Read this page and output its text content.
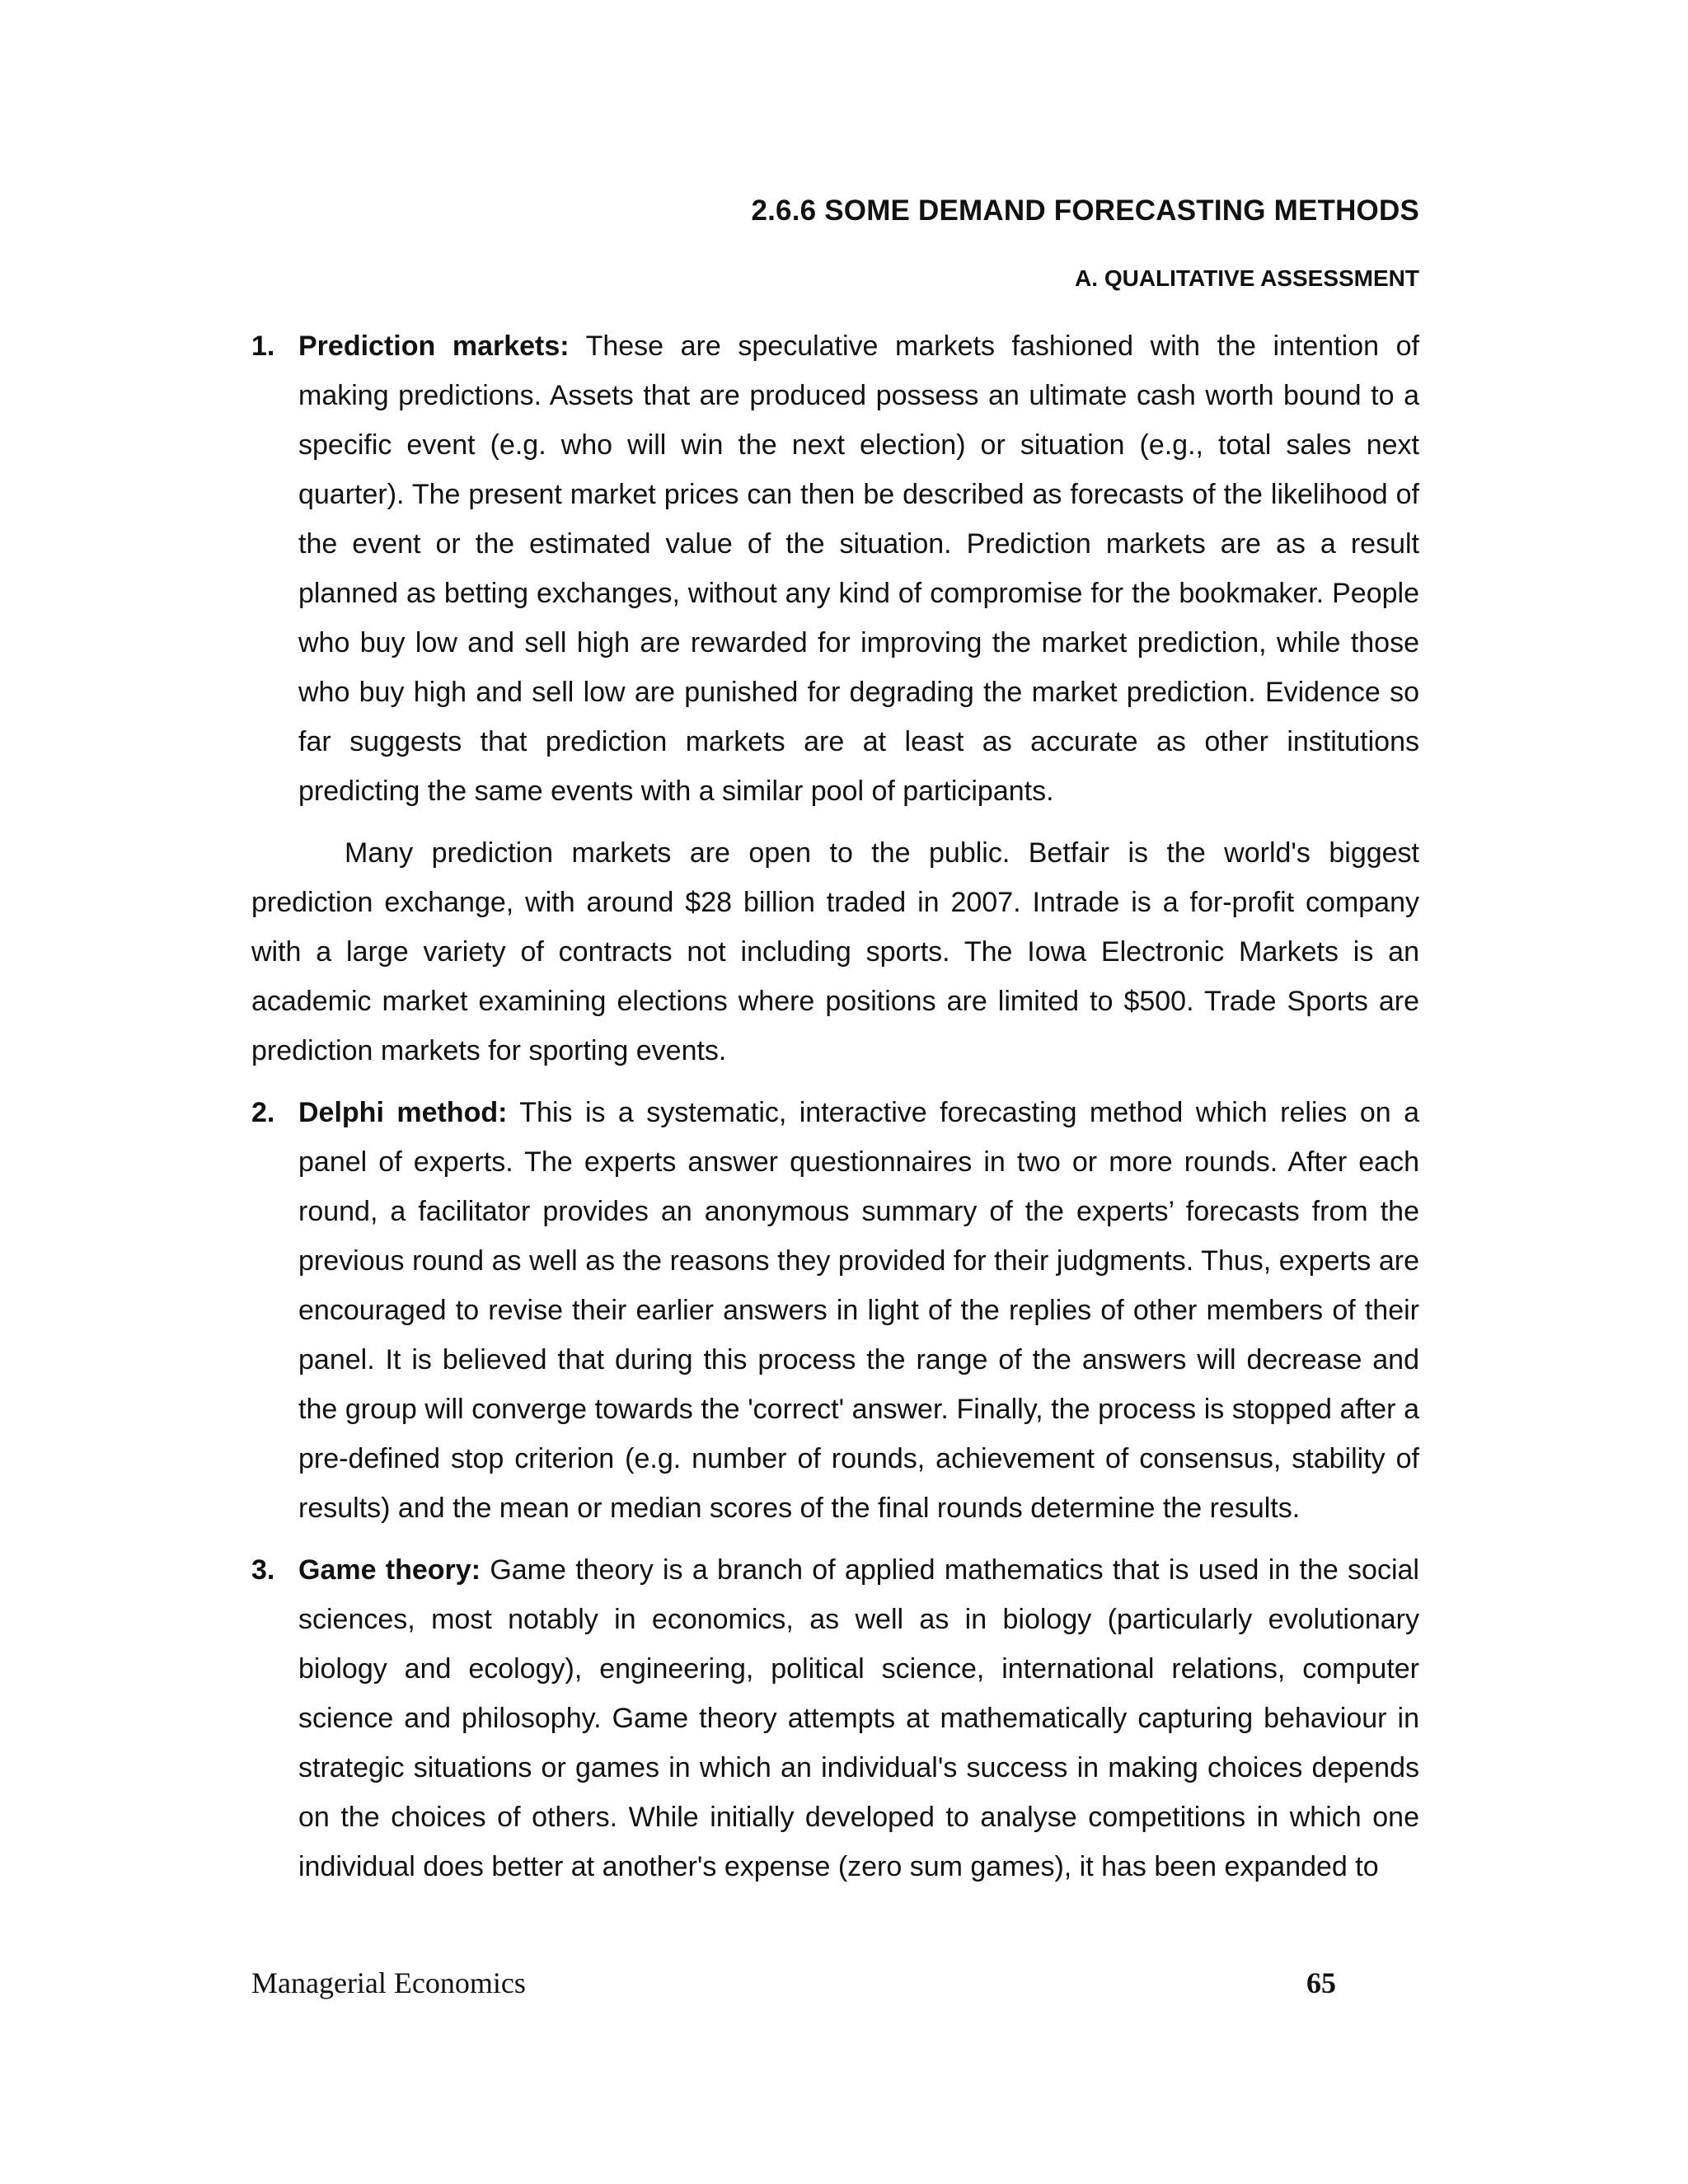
2.6.6 SOME DEMAND FORECASTING METHODS
A. QUALITATIVE ASSESSMENT
1. Prediction markets: These are speculative markets fashioned with the intention of making predictions. Assets that are produced possess an ultimate cash worth bound to a specific event (e.g. who will win the next election) or situation (e.g., total sales next quarter). The present market prices can then be described as forecasts of the likelihood of the event or the estimated value of the situation. Prediction markets are as a result planned as betting exchanges, without any kind of compromise for the bookmaker. People who buy low and sell high are rewarded for improving the market prediction, while those who buy high and sell low are punished for degrading the market prediction. Evidence so far suggests that prediction markets are at least as accurate as other institutions predicting the same events with a similar pool of participants.

Many prediction markets are open to the public. Betfair is the world's biggest prediction exchange, with around $28 billion traded in 2007. Intrade is a for-profit company with a large variety of contracts not including sports. The Iowa Electronic Markets is an academic market examining elections where positions are limited to $500. Trade Sports are prediction markets for sporting events.

2. Delphi method: This is a systematic, interactive forecasting method which relies on a panel of experts. The experts answer questionnaires in two or more rounds. After each round, a facilitator provides an anonymous summary of the experts’ forecasts from the previous round as well as the reasons they provided for their judgments. Thus, experts are encouraged to revise their earlier answers in light of the replies of other members of their panel. It is believed that during this process the range of the answers will decrease and the group will converge towards the 'correct' answer. Finally, the process is stopped after a pre-defined stop criterion (e.g. number of rounds, achievement of consensus, stability of results) and the mean or median scores of the final rounds determine the results.
3. Game theory: Game theory is a branch of applied mathematics that is used in the social sciences, most notably in economics, as well as in biology (particularly evolutionary biology and ecology), engineering, political science, international relations, computer science and philosophy. Game theory attempts at mathematically capturing behaviour in strategic situations or games in which an individual's success in making choices depends on the choices of others. While initially developed to analyse competitions in which one individual does better at another's expense (zero sum games), it has been expanded to
Managerial Economics	65
